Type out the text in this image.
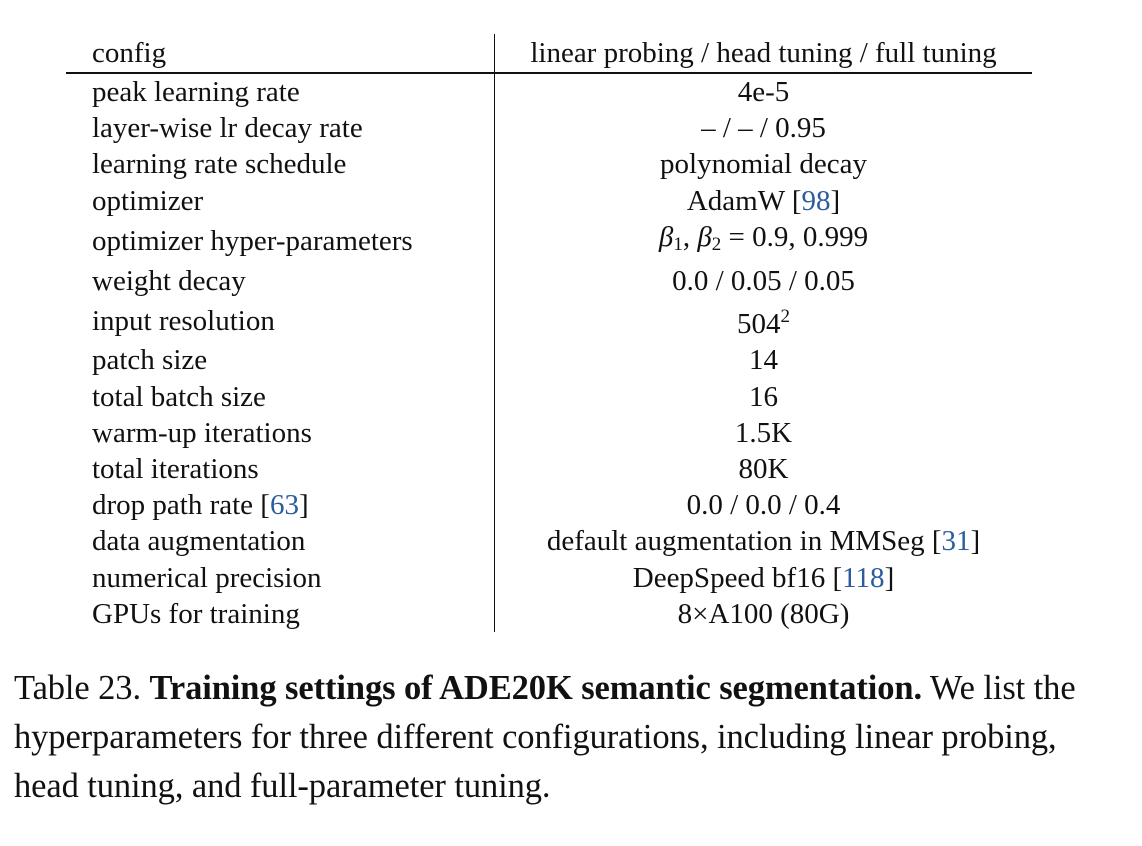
config	linear probing / head tuning / full tuning
peak learning rate	4e-5
layer-wise lr decay rate	– / – / 0.95
learning rate schedule	polynomial decay
optimizer	AdamW [98]
optimizer hyper-parameters	$\beta_1$, $\beta_2 = 0.9$, 0.999
weight decay	0.0 / 0.05 / 0.05
input resolution	$504^2$
patch size	14
total batch size	16
warm-up iterations	1.5K
total iterations	80K
drop path rate [63]	0.0 / 0.0 / 0.4
data augmentation	default augmentation in MMSeg [31]
numerical precision	DeepSpeed bf16 [118]
GPUs for training	8×A100 (80G)
Table 23. Training settings of ADE20K semantic segmentation. We list the hyperparameters for three different configurations, including linear probing, head tuning, and full-parameter tuning.
